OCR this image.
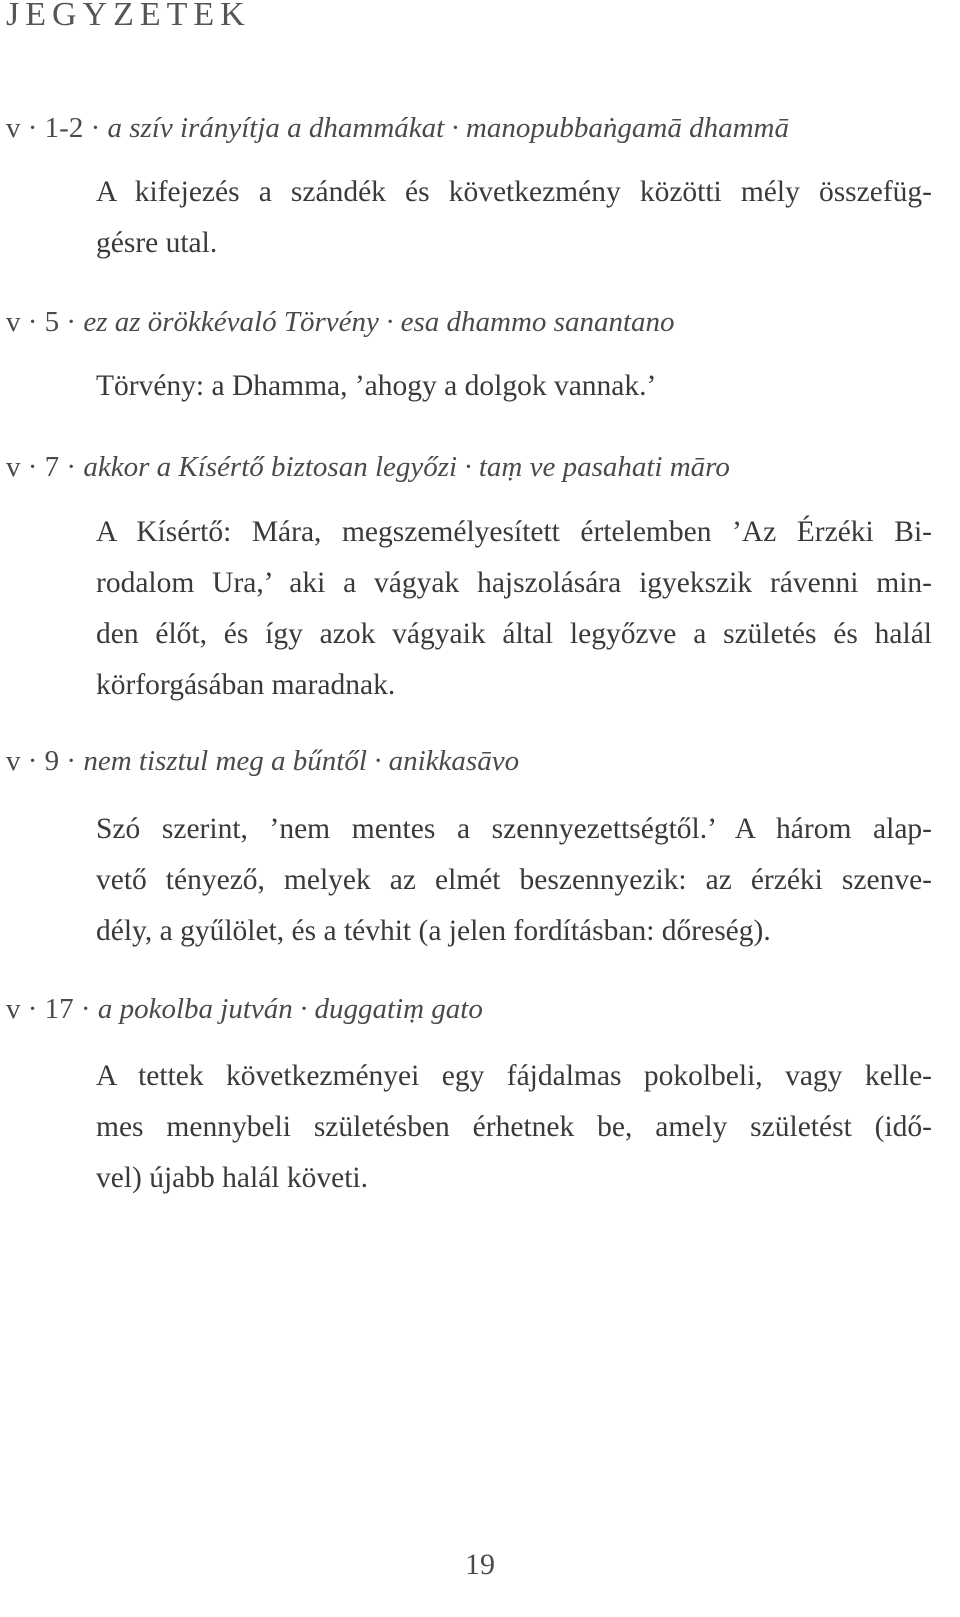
JEGYZETEK
v · 1-2 · a szív irányítja a dhammákat · manopubbaṅgamā dhammā
A kifejezés a szándék és következmény közötti mély összefüg-
gésre utal.
v · 5 · ez az örökkévaló Törvény · esa dhammo sanantano
Törvény: a Dhamma, ’ahogy a dolgok vannak.’
v · 7 · akkor a Kísértő biztosan legyőzi · taṃ ve pasahati māro
A Kísértő: Mára, megszemélyesített értelemben ’Az Érzéki Bi-
rodalom Ura,’ aki a vágyak hajszolására igyekszik rávenni min-
den élőt, és így azok vágyaik által legyőzve a születés és halál
körforgásában maradnak.
v · 9 · nem tisztul meg a bűntől · anikkasāvo
Szó szerint, ’nem mentes a szennyezettségtől.’ A három alap-
vető tényező, melyek az elmét beszennyezik: az érzéki szenve-
dély, a gyűlölet, és a tévhit (a jelen fordításban: dőreség).
v · 17 · a pokolba jutván · duggatiṃ gato
A tettek következményei egy fájdalmas pokolbeli, vagy kelle-
mes mennybeli születésben érhetnek be, amely születést (idő-
vel) újabb halál követi.
19
